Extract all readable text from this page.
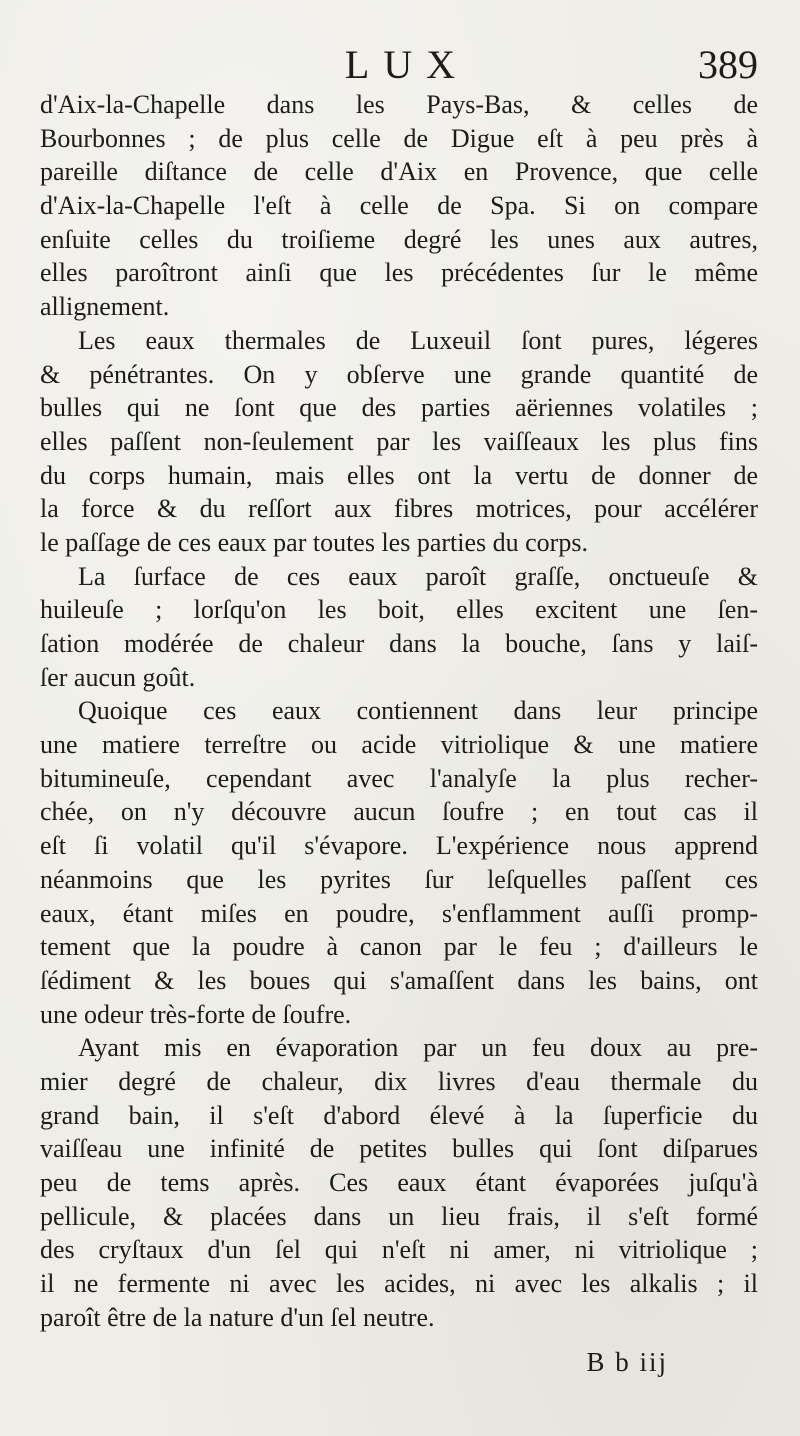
LUX	389
d'Aix-la-Chapelle dans les Pays-Bas, & celles de
Bourbonnes ; de plus celle de Digue eſt à peu près à
pareille diſtance de celle d'Aix en Provence, que celle
d'Aix-la-Chapelle l'eſt à celle de Spa. Si on compare
enſuite celles du troiſieme degré les unes aux autres,
elles paroîtront ainſi que les précédentes ſur le même
allignement.
Les eaux thermales de Luxeuil ſont pures, légeres
& pénétrantes. On y obſerve une grande quantité de
bulles qui ne ſont que des parties aëriennes volatiles ;
elles paſſent non-ſeulement par les vaiſſeaux les plus fins
du corps humain, mais elles ont la vertu de donner de
la force & du reſſort aux fibres motrices, pour accélérer
le paſſage de ces eaux par toutes les parties du corps.
La ſurface de ces eaux paroît graſſe, onctueuſe &
huileuſe ; lorſqu'on les boit, elles excitent une ſen-
ſation modérée de chaleur dans la bouche, ſans y laiſ-
ſer aucun goût.
Quoique ces eaux contiennent dans leur principe
une matiere terreſtre ou acide vitriolique & une matiere
bitumineuſe, cependant avec l'analyſe la plus recher-
chée, on n'y découvre aucun ſoufre ; en tout cas il
eſt ſi volatil qu'il s'évapore. L'expérience nous apprend
néanmoins que les pyrites ſur leſquelles paſſent ces
eaux, étant miſes en poudre, s'enflamment auſſi promp-
tement que la poudre à canon par le feu ; d'ailleurs le
ſédiment & les boues qui s'amaſſent dans les bains, ont
une odeur très-forte de ſoufre.
Ayant mis en évaporation par un feu doux au pre-
mier degré de chaleur, dix livres d'eau thermale du
grand bain, il s'eſt d'abord élevé à la ſuperficie du
vaiſſeau une infinité de petites bulles qui ſont diſparues
peu de tems après. Ces eaux étant évaporées juſqu'à
pellicule, & placées dans un lieu frais, il s'eſt formé
des cryſtaux d'un ſel qui n'eſt ni amer, ni vitriolique ;
il ne fermente ni avec les acides, ni avec les alkalis ; il
paroît être de la nature d'un ſel neutre.
B b iij
